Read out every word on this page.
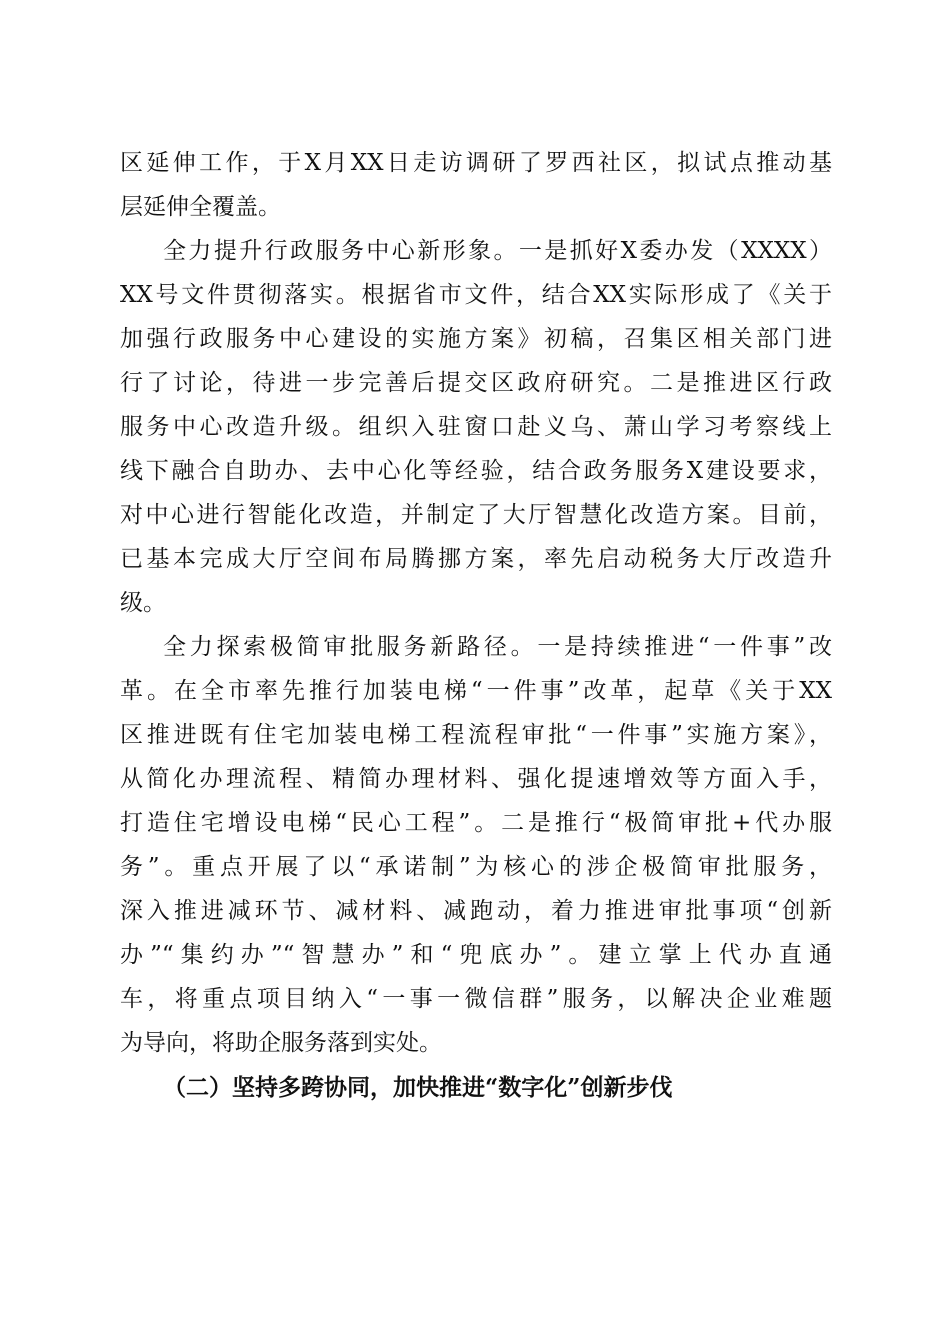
区延伸工作，于X月XX日走访调研了罗西社区，拟试点推动基
层延伸全覆盖。
全力提升行政服务中心新形象。一是抓好X委办发（XXXX）
XX号文件贯彻落实。根据省市文件，结合XX实际形成了《关于
加强行政服务中心建设的实施方案》初稿，召集区相关部门进
行了讨论，待进一步完善后提交区政府研究。二是推进区行政
服务中心改造升级。组织入驻窗口赴义乌、萧山学习考察线上
线下融合自助办、去中心化等经验，结合政务服务X建设要求，
对中心进行智能化改造，并制定了大厅智慧化改造方案。目前，
已基本完成大厅空间布局腾挪方案，率先启动税务大厅改造升
级。
全力探索极简审批服务新路径。一是持续推进“一件事”改
革。在全市率先推行加装电梯“一件事”改革，起草《关于XX
区推进既有住宅加装电梯工程流程审批“一件事”实施方案》，
从简化办理流程、精简办理材料、强化提速增效等方面入手，
打造住宅增设电梯“民心工程”。二是推行“极简审批+代办服
务”。重点开展了以“承诺制”为核心的涉企极简审批服务，
深入推进减环节、减材料、减跑动，着力推进审批事项“创新
办”“集约办”“智慧办”和“兜底办”。建立掌上代办直通
车，将重点项目纳入“一事一微信群”服务，以解决企业难题
为导向，将助企服务落到实处。
（二）坚持多跨协同，加快推进“数字化”创新步伐
